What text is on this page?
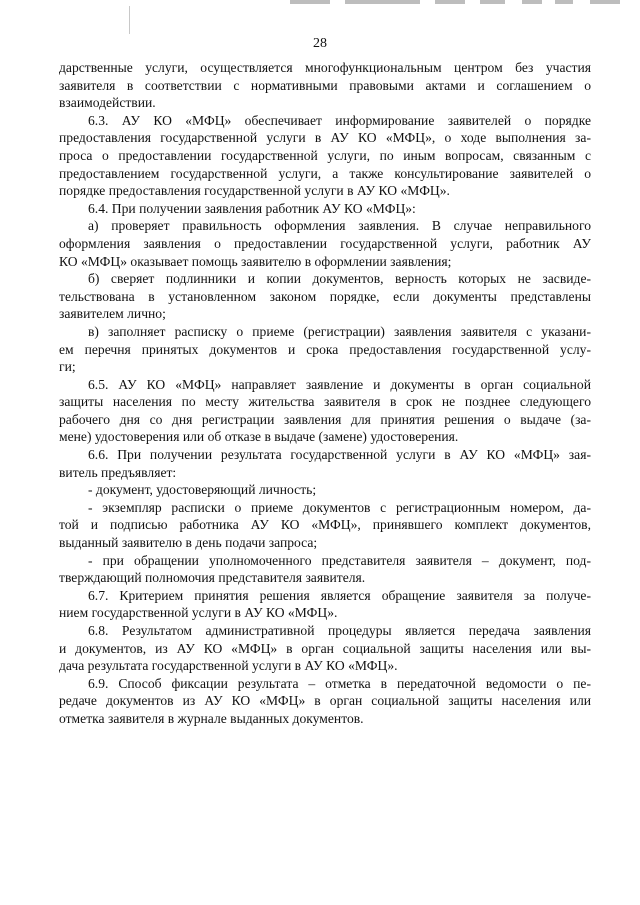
28
дарственные услуги, осуществляется многофункциональным центром без участия
заявителя в соответствии с нормативными правовыми актами и соглашением о
взаимодействии.
6.3. АУ КО «МФЦ» обеспечивает информирование заявителей о порядке
предоставления государственной услуги в АУ КО «МФЦ», о ходе выполнения за-
проса о предоставлении государственной услуги, по иным вопросам, связанным с
предоставлением государственной услуги, а также консультирование заявителей о
порядке предоставления государственной услуги в АУ КО «МФЦ».
6.4. При получении заявления работник АУ КО «МФЦ»:
а) проверяет правильность оформления заявления. В случае неправильного
оформления заявления о предоставлении государственной услуги, работник АУ
КО «МФЦ» оказывает помощь заявителю в оформлении заявления;
б) сверяет подлинники и копии документов, верность которых не засвиде-
тельствована в установленном законом порядке, если документы представлены
заявителем лично;
в) заполняет расписку о приеме (регистрации) заявления заявителя с указани-
ем перечня принятых документов и срока предоставления государственной услу-
ги;
6.5. АУ КО «МФЦ» направляет заявление и документы в орган социальной
защиты населения по месту жительства заявителя в срок не позднее следующего
рабочего дня со дня регистрации заявления для принятия решения о выдаче (за-
мене) удостоверения или об отказе в выдаче (замене) удостоверения.
6.6. При получении результата государственной услуги в АУ КО «МФЦ» зая-
витель предъявляет:
- документ, удостоверяющий личность;
- экземпляр расписки о приеме документов с регистрационным номером, да-
той и подписью работника АУ КО «МФЦ», принявшего комплект документов,
выданный заявителю в день подачи запроса;
- при обращении уполномоченного представителя заявителя – документ, под-
тверждающий полномочия представителя заявителя.
6.7. Критерием принятия решения является обращение заявителя за получе-
нием государственной услуги в АУ КО «МФЦ».
6.8. Результатом административной процедуры является передача заявления
и документов, из АУ КО «МФЦ» в орган социальной защиты населения или вы-
дача результата государственной услуги в АУ КО «МФЦ».
6.9. Способ фиксации результата – отметка в передаточной ведомости о пе-
редаче документов из АУ КО «МФЦ» в орган социальной защиты населения или
отметка заявителя в журнале выданных документов.
